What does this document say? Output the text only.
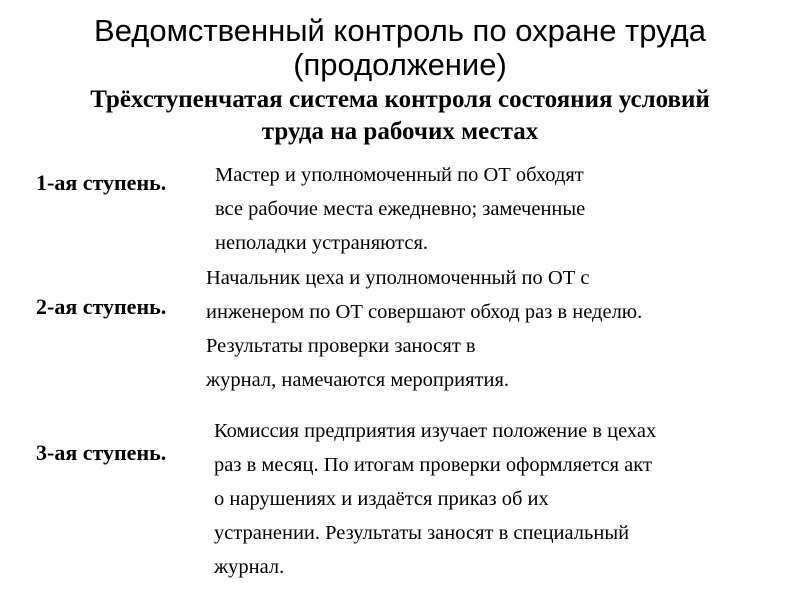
Ведомственный контроль по охране труда
(продолжение)
Трёхступенчатая система контроля состояния условий
труда на рабочих местах
1-ая ступень. Мастер и уполномоченный по ОТ обходят
все рабочие места ежедневно; замеченные
неполадки устраняются.
2-ая ступень.
Начальник цеха и уполномоченный по ОТ с
инженером по ОТ совершают обход раз в неделю.
Результаты проверки заносят в
журнал, намечаются мероприятия.
3-ая ступень.
Комиссия предприятия изучает положение в цехах
раз в месяц. По итогам проверки оформляется акт
о нарушениях и издаётся приказ об их
устранении. Результаты заносят в специальный
журнал.
